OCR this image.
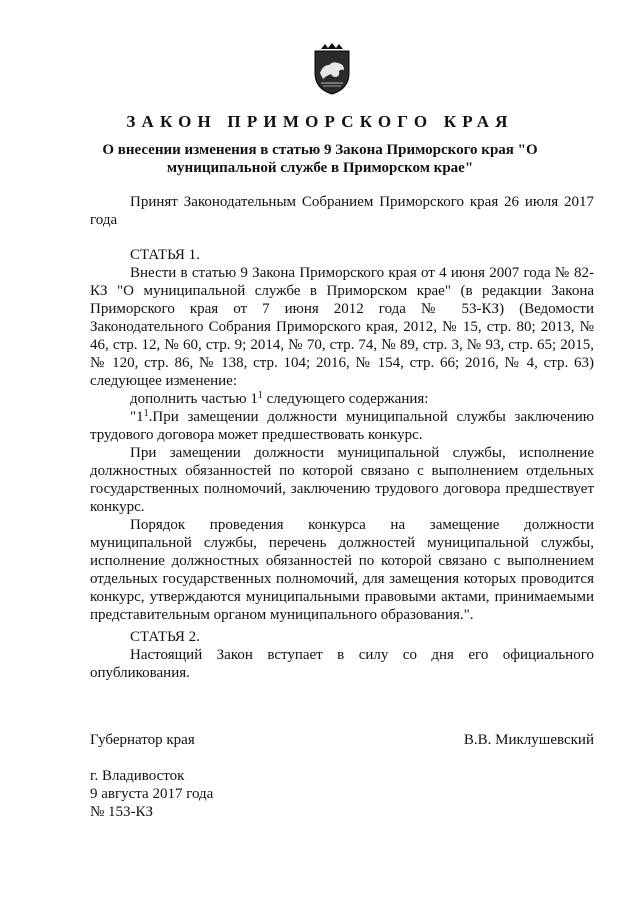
ЗАКОН ПРИМОРСКОГО КРАЯ
О внесении изменения в статью 9 Закона Приморского края "О муниципальной службе в Приморском крае"

Принят Законодательным Собранием Приморского края 26 июля 2017 года

СТАТЬЯ 1.

Внести в статью 9 Закона Приморского края от 4 июня 2007 года № 82-КЗ "О муниципальной службе в Приморском крае" (в редакции Закона Приморского края от 7 июня 2012 года № 53-КЗ) (Ведомости Законодательного Собрания Приморского края, 2012, № 15, стр. 80; 2013, № 46, стр. 12, № 60, стр. 9; 2014, № 70, стр. 74, № 89, стр. 3, № 93, стр. 65; 2015, № 120, стр. 86, № 138, стр. 104; 2016, № 154, стр. 66; 2016, № 4, стр. 63) следующее изменение:

дополнить частью $1^1$ следующего содержания:

"$1^1.При$ замещении должности муниципальной службы заключению трудового договора может предшествовать конкурс.

При замещении должности муниципальной службы, исполнение должностных обязанностей по которой связано с выполнением отдельных государственных полномочий, заключению трудового договора предшествует конкурс.

Порядок проведения конкурса на замещение должности муниципальной службы, перечень должностей муниципальной службы, исполнение должностных обязанностей по которой связано с выполнением отдельных государственных полномочий, для замещения которых проводится конкурс, утверждаются муниципальными правовыми актами, принимаемыми представительным органом муниципального образования.".

СТАТЬЯ 2.

Настоящий Закон вступает в силу со дня его официального опубликования.

Губернатор края	В.В. Миклушевский
г. Владивосток
9 августа 2017 года
№ 153-КЗ
